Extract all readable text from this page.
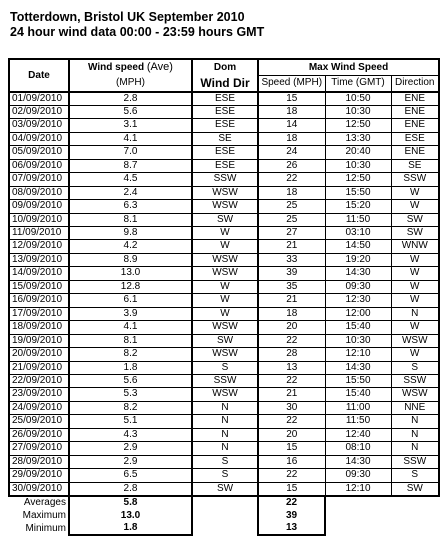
Totterdown, Bristol UK September 2010
24 hour wind data 00:00 - 23:59 hours GMT
Date	Wind speed (Ave)	Dom	Max Wind Speed		
	(MPH)	Wind Dir	Speed (MPH)	Time (GMT)	Direction
01/09/2010	2.8	ESE	15	10:50	ENE
02/09/2010	5.6	ESE	18	10:30	ENE
03/09/2010	3.1	ESE	14	12:50	ENE
04/09/2010	4.1	SE	18	13:30	ESE
05/09/2010	7.0	ESE	24	20:40	ENE
06/09/2010	8.7	ESE	26	10:30	SE
07/09/2010	4.5	SSW	22	12:50	SSW
08/09/2010	2.4	WSW	18	15:50	W
09/09/2010	6.3	WSW	25	15:20	W
10/09/2010	8.1	SW	25	11:50	SW
11/09/2010	9.8	W	27	03:10	SW
12/09/2010	4.2	W	21	14:50	WNW
13/09/2010	8.9	WSW	33	19:20	W
14/09/2010	13.0	WSW	39	14:30	W
15/09/2010	12.8	W	35	09:30	W
16/09/2010	6.1	W	21	12:30	W
17/09/2010	3.9	W	18	12:00	N
18/09/2010	4.1	WSW	20	15:40	W
19/09/2010	8.1	SW	22	10:30	WSW
20/09/2010	8.2	WSW	28	12:10	W
21/09/2010	1.8	S	13	14:30	S
22/09/2010	5.6	SSW	22	15:50	SSW
23/09/2010	5.3	WSW	21	15:40	WSW
24/09/2010	8.2	N	30	11:00	NNE
25/09/2010	5.1	N	22	11:50	N
26/09/2010	4.3	N	20	12:40	N
27/09/2010	2.9	N	15	08:10	N
28/09/2010	2.9	S	16	14:30	SSW
29/09/2010	6.5	S	22	09:30	S
30/09/2010	2.8	SW	15	12:10	SW
Averages	5.8		22		
Maximum	13.0		39		
Minimum	1.8		13		
